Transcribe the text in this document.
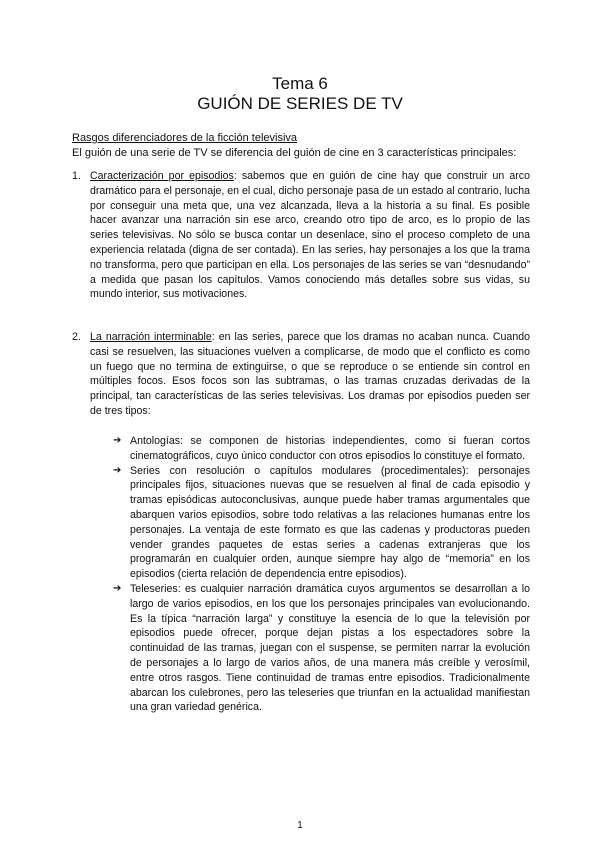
Tema 6
GUIÓN DE SERIES DE TV
Rasgos diferenciadores de la ficción televisiva
El guión de una serie de TV se diferencia del guión de cine en 3 características principales:
1. Caracterización por episodios: sabemos que en guión de cine hay que construir un arco dramático para el personaje, en el cual, dicho personaje pasa de un estado al contrario, lucha por conseguir una meta que, una vez alcanzada, lleva a la historia a su final. Es posible hacer avanzar una narración sin ese arco, creando otro tipo de arco, es lo propio de las series televisivas. No sólo se busca contar un desenlace, sino el proceso completo de una experiencia relatada (digna de ser contada). En las series, hay personajes a los que la trama no transforma, pero que participan en ella. Los personajes de las series se van “desnudando” a medida que pasan los capítulos. Vamos conociendo más detalles sobre sus vidas, su mundo interior, sus motivaciones.
2. La narración interminable: en las series, parece que los dramas no acaban nunca. Cuando casi se resuelven, las situaciones vuelven a complicarse, de modo que el conflicto es como un fuego que no termina de extinguirse, o que se reproduce o se entiende sin control en múltiples focos. Esos focos son las subtramas, o las tramas cruzadas derivadas de la principal, tan características de las series televisivas. Los dramas por episodios pueden ser de tres tipos:
➔ Antologías: se componen de historias independientes, como si fueran cortos cinematográficos, cuyo único conductor con otros episodios lo constituye el formato.
➔ Series con resolución o capítulos modulares (procedimentales): personajes principales fijos, situaciones nuevas que se resuelven al final de cada episodio y tramas episódicas autoconclusivas, aunque puede haber tramas argumentales que abarquen varios episodios, sobre todo relativas a las relaciones humanas entre los personajes. La ventaja de este formato es que las cadenas y productoras pueden vender grandes paquetes de estas series a cadenas extranjeras que los programarán en cualquier orden, aunque siempre hay algo de “memoria” en los episodios (cierta relación de dependencia entre episodios).
➔ Teleseries: es cualquier narración dramática cuyos argumentos se desarrollan a lo largo de varios episodios, en los que los personajes principales van evolucionando. Es la típica “narración larga” y constituye la esencia de lo que la televisión por episodios puede ofrecer, porque dejan pistas a los espectadores sobre la continuidad de las tramas, juegan con el suspense, se permiten narrar la evolución de personajes a lo largo de varios años, de una manera más creíble y verosímil, entre otros rasgos. Tiene continuidad de tramas entre episodios. Tradicionalmente abarcan los culebrones, pero las teleseries que triunfan en la actualidad manifiestan una gran variedad genérica.
1
